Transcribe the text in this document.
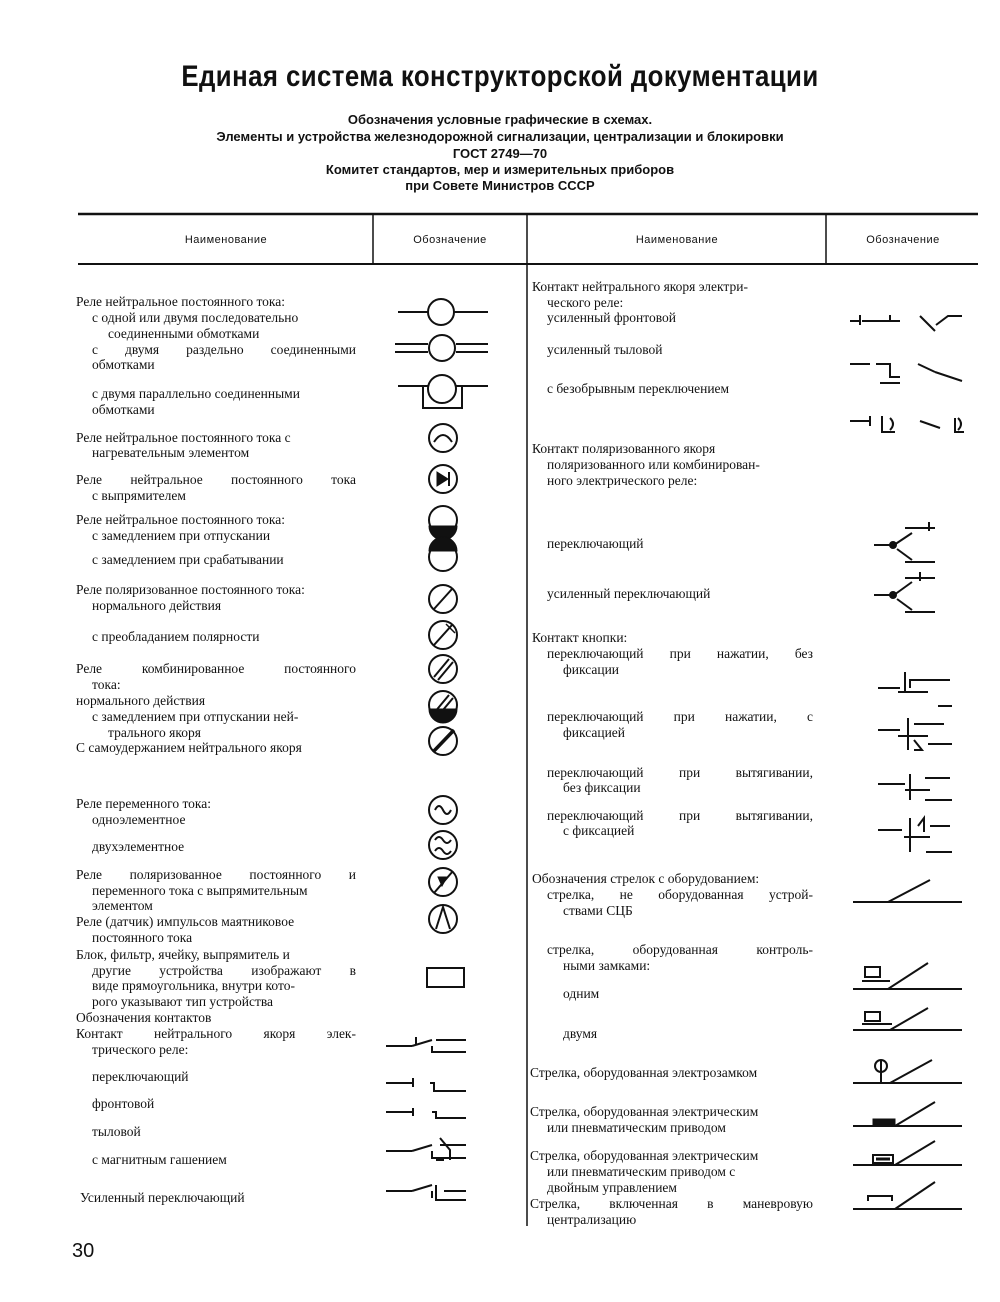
Единая система конструкторской документации
Обозначения условные графические в схемах.
Элементы и устройства железнодорожной сигнализации, централизации и блокировки
ГОСТ 2749—70
Комитет стандартов, мер и измерительных приборов
при Совете Министров СССР
Наименование	Обозначение	Наименование	Обозначение
Реле нейтральное постоянного тока:
с одной или двумя последовательно
соединенными обмотками
с двумя раздельно соединенными
обмотками
с двумя параллельно соединенными
обмотками
Реле нейтральное постоянного тока с
нагревательным элементом
Реле нейтральное постоянного тока
с выпрямителем
Реле нейтральное постоянного тока:
с замедлением при отпускании
с замедлением при срабатывании
Реле поляризованное постоянного тока:
нормального действия
с преобладанием полярности
Реле комбинированное постоянного
тока:
нормального действия
с замедлением при отпускании ней-
трального якоря
С самоудержанием нейтрального якоря
Реле переменного тока:
одноэлементное
двухэлементное
Реле поляризованное постоянного и
переменного тока с выпрямительным
элементом
Реле (датчик) импульсов маятниковое
постоянного тока
Блок, фильтр, ячейку, выпрямитель и
другие устройства изображают в
виде прямоугольника, внутри кото-
рого указывают тип устройства
Обозначения контактов
Контакт нейтрального якоря элек-
трического реле:
переключающий
фронтовой
тыловой
с магнитным гашением
Усиленный переключающий
Контакт нейтрального якоря электри-
ческого реле:
усиленный фронтовой
усиленный тыловой
с безобрывным переключением
Контакт поляризованного якоря
поляризованного или комбинирован-
ного электрического реле:
переключающий
усиленный переключающий
Контакт кнопки:
переключающий при нажатии, без
фиксации
переключающий при нажатии, с
фиксацией
переключающий при вытягивании,
без фиксации
переключающий при вытягивании,
с фиксацией
Обозначения стрелок с оборудованием:
стрелка, не оборудованная устрой-
ствами СЦБ
стрелка, оборудованная контроль-
ными замками:
одним
двумя
Стрелка, оборудованная электрозамком
Стрелка, оборудованная электрическим
или пневматическим приводом
Стрелка, оборудованная электрическим
или пневматическим приводом с
двойным управлением
Стрелка, включенная в маневровую
централизацию
30
